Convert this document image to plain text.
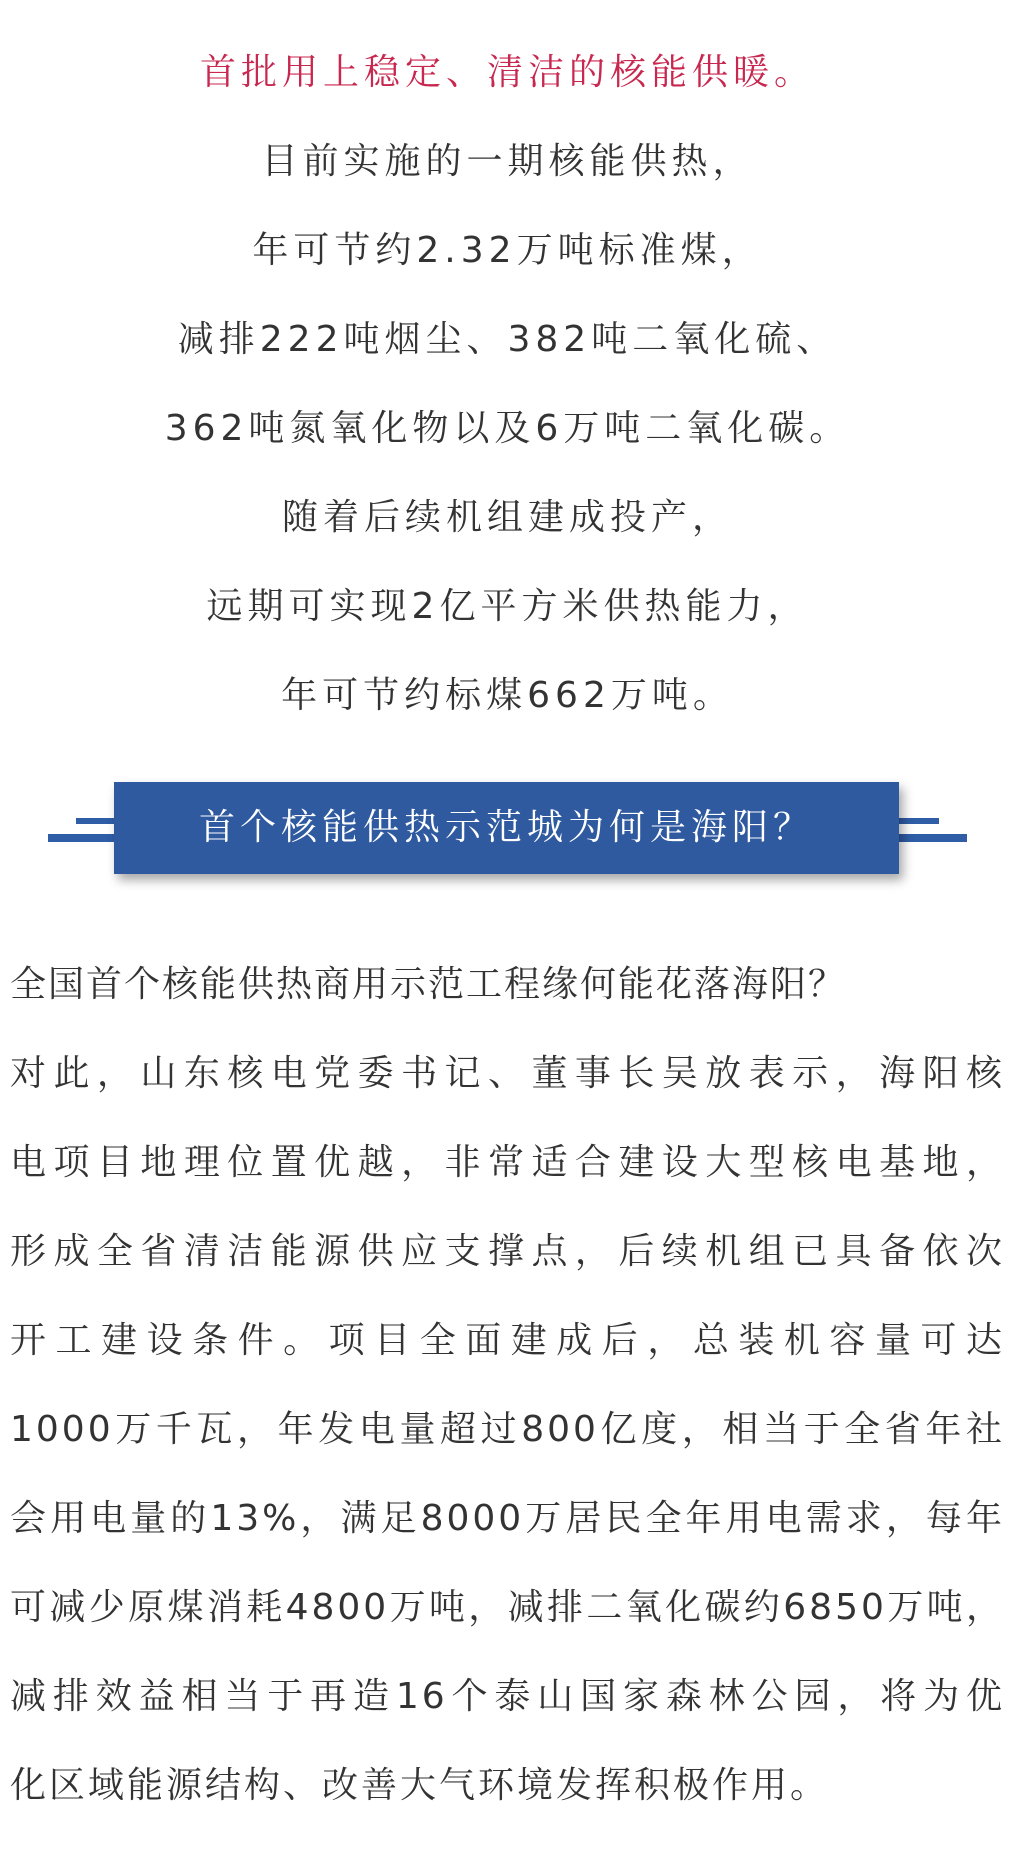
首批用上稳定、清洁的核能供暖。
目前实施的一期核能供热，
年可节约2.32万吨标准煤，
减排222吨烟尘、382吨二氧化硫、
362吨氮氧化物以及6万吨二氧化碳。
随着后续机组建成投产，
远期可实现2亿平方米供热能力，
年可节约标煤662万吨。
首个核能供热示范城为何是海阳？

全国首个核能供热商用示范工程缘何能花落海阳？

对此，山东核电党委书记、董事长吴放表示，海阳核
电项目地理位置优越，非常适合建设大型核电基地，
形成全省清洁能源供应支撑点，后续机组已具备依次
开工建设条件。项目全面建成后，总装机容量可达
1000万千瓦，年发电量超过800亿度，相当于全省年社
会用电量的13%，满足8000万居民全年用电需求，每年
可减少原煤消耗4800万吨，减排二氧化碳约6850万吨，
减排效益相当于再造16个泰山国家森林公园，将为优
化区域能源结构、改善大气环境发挥积极作用。
